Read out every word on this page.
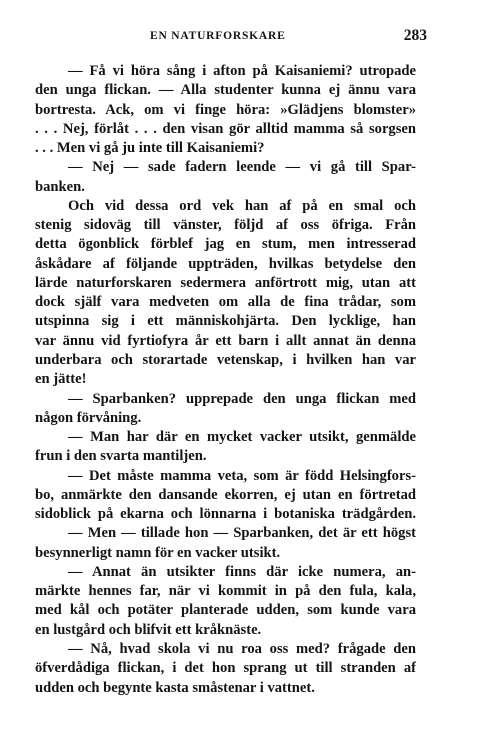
EN NATURFORSKARE	283
— Få vi höra sång i afton på Kaisaniemi? utropade
den unga flickan. — Alla studenter kunna ej ännu vara
bortresta. Ack, om vi finge höra: »Glädjens blomster»
. . . Nej, förlåt . . . den visan gör alltid mamma så sorgsen
. . . Men vi gå ju inte till Kaisaniemi?
— Nej — sade fadern leende — vi gå till Spar-
banken.
Och vid dessa ord vek han af på en smal och
stenig sidoväg till vänster, följd af oss öfriga. Från
detta ögonblick förblef jag en stum, men intresserad
åskådare af följande uppträden, hvilkas betydelse den
lärde naturforskaren sedermera anförtrott mig, utan att
dock själf vara medveten om alla de fina trådar, som
utspinna sig i ett människohjärta. Den lycklige, han
var ännu vid fyrtiofyra år ett barn i allt annat än denna
underbara och storartade vetenskap, i hvilken han var
en jätte!
— Sparbanken? upprepade den unga flickan med
någon förvåning.
— Man har där en mycket vacker utsikt, genmälde
frun i den svarta mantiljen.
— Det måste mamma veta, som är född Helsingfors-
bo, anmärkte den dansande ekorren, ej utan en förtretad
sidoblick på ekarna och lönnarna i botaniska trädgården.
— Men — tillade hon — Sparbanken, det är ett högst
besynnerligt namn för en vacker utsikt.
— Annat än utsikter finns där icke numera, an-
märkte hennes far, när vi kommit in på den fula, kala,
med kål och potäter planterade udden, som kunde vara
en lustgård och blifvit ett kråknäste.
— Nå, hvad skola vi nu roa oss med? frågade den
öfverdådiga flickan, i det hon sprang ut till stranden af
udden och begynte kasta småstenar i vattnet.
